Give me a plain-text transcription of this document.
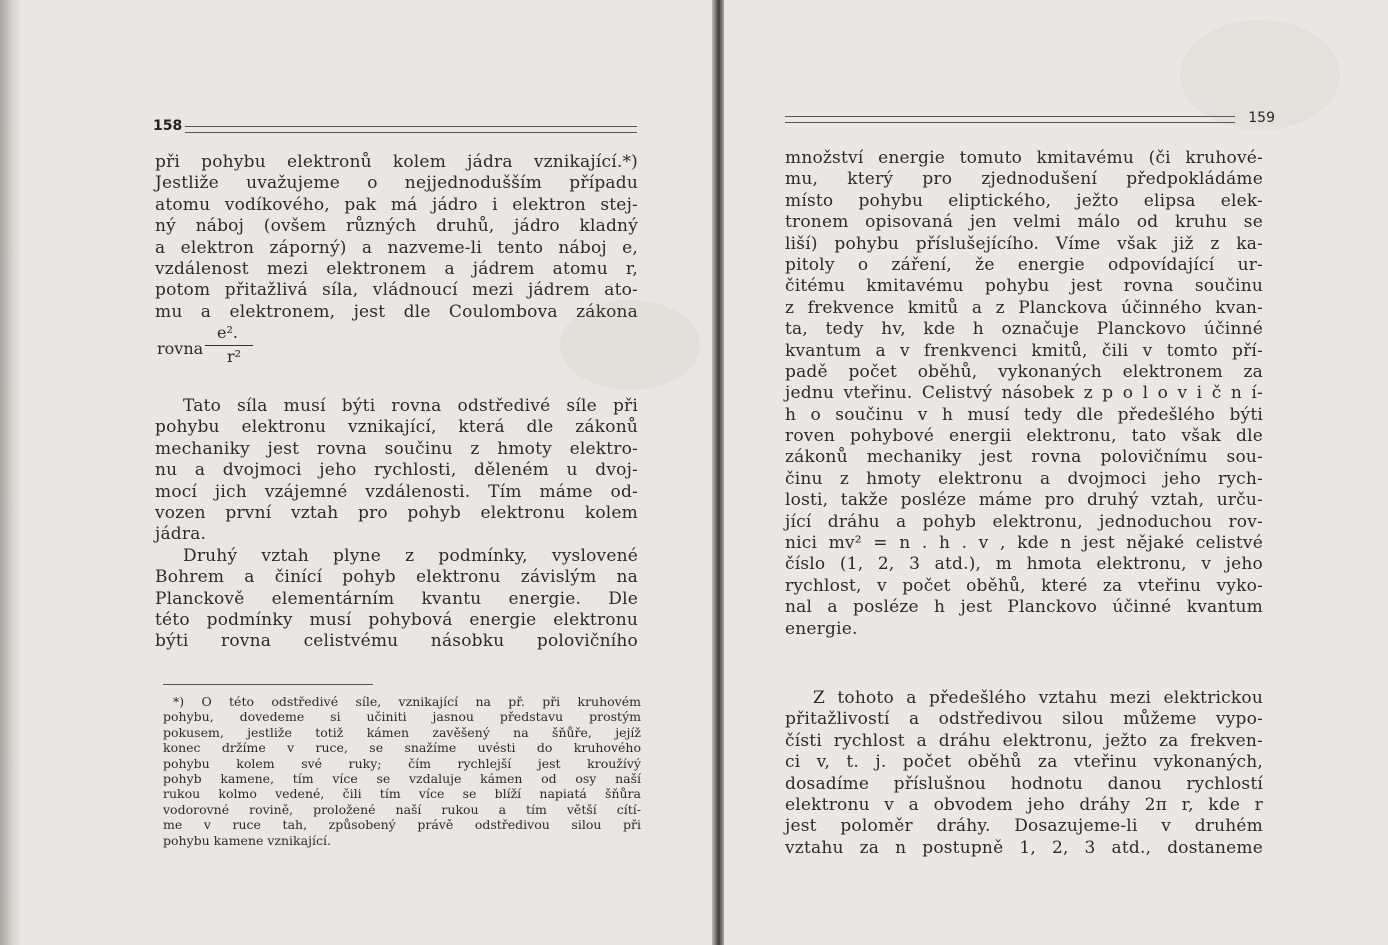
158
při pohybu elektronů kolem jádra vznikající.*)
Jestliže uvažujeme o nejjednodušším případu
atomu vodíkového, pak má jádro i elektron stej-
ný náboj (ovšem různých druhů, jádro kladný
a elektron záporný) a nazveme-li tento náboj e,
vzdálenost mezi elektronem a jádrem atomu r,
potom přitažlivá síla, vládnoucí mezi jádrem ato-
mu a elektronem, jest dle Coulombova zákona
rovna
e².
r²
Tato síla musí býti rovna odstředivé síle při
pohybu elektronu vznikající, která dle zákonů
mechaniky jest rovna součinu z hmoty elektro-
nu a dvojmoci jeho rychlosti, děleném u dvoj-
mocí jich vzájemné vzdálenosti. Tím máme od-
vozen první vztah pro pohyb elektronu kolem
jádra.
Druhý vztah plyne z podmínky, vyslovené
Bohrem a činící pohyb elektronu závislým na
Planckově elementárním kvantu energie. Dle
této podmínky musí pohybová energie elektronu
býti rovna celistvému násobku polovičního
*) O této odstředivé síle, vznikající na př. při kruhovém
pohybu, dovedeme si učiniti jasnou představu prostým
pokusem, jestliže totiž kámen zavěšený na šňůře, jejíž
konec držíme v ruce, se snažíme uvésti do kruhového
pohybu kolem své ruky; čím rychlejší jest kroužívý
pohyb kamene, tím více se vzdaluje kámen od osy naší
rukou kolmo vedené, čili tím více se blíží napiatá šňůra
vodorovné rovině, proložené naší rukou a tím větší cítí-
me v ruce tah, způsobený právě odstředivou silou při
pohybu kamene vznikající.
159
množství energie tomuto kmitavému (či kruhové-
mu, který pro zjednodušení předpokládáme
místo pohybu eliptického, ježto elipsa elek-
tronem opisovaná jen velmi málo od kruhu se
liší) pohybu příslušejícího. Víme však již z ka-
pitoly o záření, že energie odpovídající ur-
čitému kmitavému pohybu jest rovna součinu
z frekvence kmitů a z Planckova účinného kvan-
ta, tedy hv, kde h označuje Planckovo účinné
kvantum a v frenkvenci kmitů, čili v tomto pří-
padě počet oběhů, vykonaných elektronem za
jednu vteřinu. Celistvý násobek z p o l o v i č n í-
h o součinu v h musí tedy dle předešlého býti
roven pohybové energii elektronu, tato však dle
zákonů mechaniky jest rovna polovičnímu sou-
činu z hmoty elektronu a dvojmoci jeho rych-
losti, takže posléze máme pro druhý vztah, urču-
jící dráhu a pohyb elektronu, jednoduchou rov-
nici mv² = n . h . v , kde n jest nějaké celistvé
číslo (1, 2, 3 atd.), m hmota elektronu, v jeho
rychlost, v počet oběhů, které za vteřinu vyko-
nal a posléze h jest Planckovo účinné kvantum
energie.
Z tohoto a předešlého vztahu mezi elektrickou
přitažlivostí a odstředivou silou můžeme vypo-
čísti rychlost a dráhu elektronu, ježto za frekven-
ci v, t. j. počet oběhů za vteřinu vykonaných,
dosadíme příslušnou hodnotu danou rychlostí
elektronu v a obvodem jeho dráhy 2π r, kde r
jest poloměr dráhy. Dosazujeme-li v druhém
vztahu za n postupně 1, 2, 3 atd., dostaneme
